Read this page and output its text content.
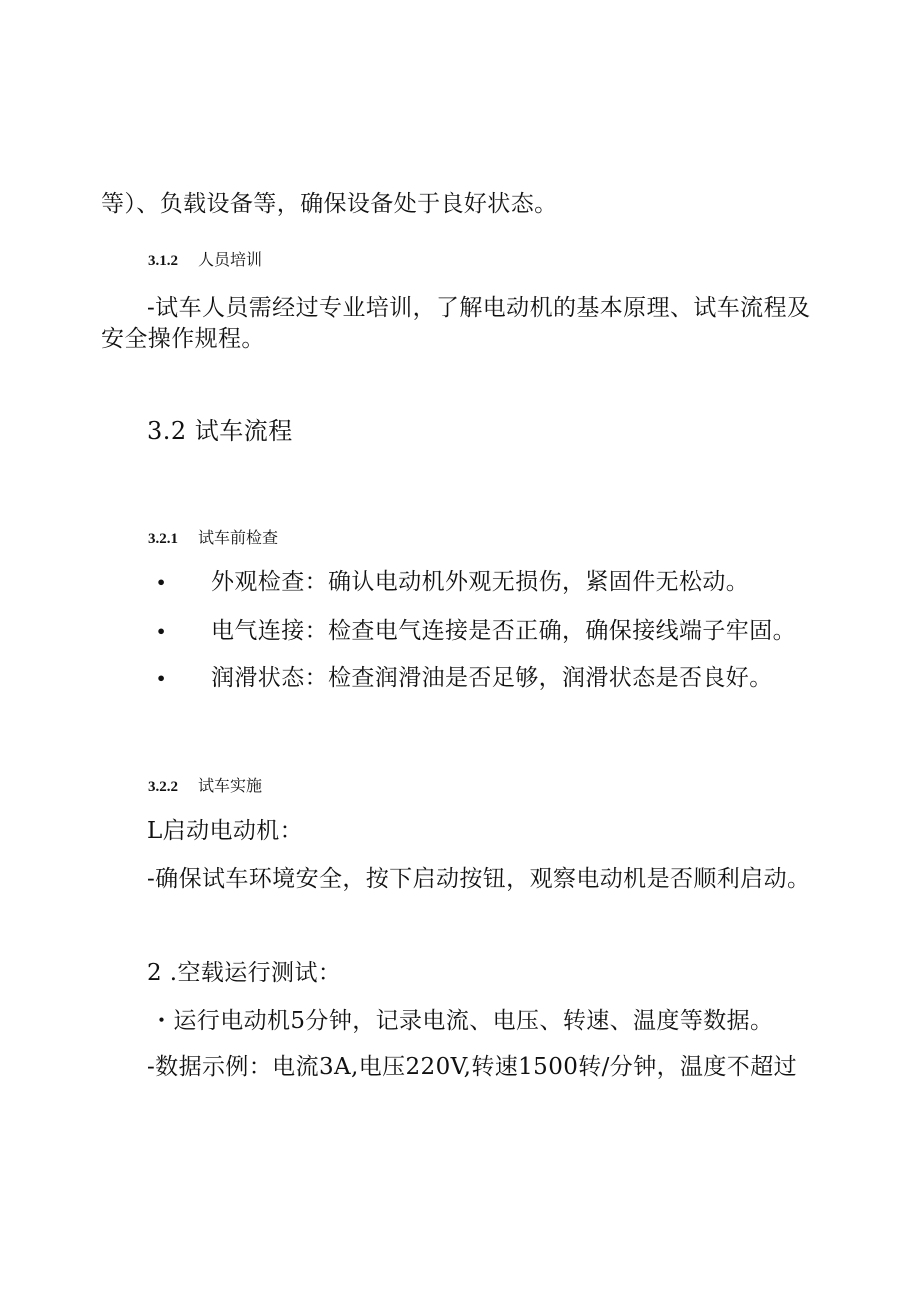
等）、负载设备等，确保设备处于良好状态。
3.1.2 人员培训
-试车人员需经过专业培训，了解电动机的基本原理、试车流程及
安全操作规程。
3.2 试车流程
3.2.1 试车前检查
• 外观检查：确认电动机外观无损伤，紧固件无松动。
• 电气连接：检查电气连接是否正确，确保接线端子牢固。
• 润滑状态：检查润滑油是否足够，润滑状态是否良好。
3.2.2 试车实施
L启动电动机：
-确保试车环境安全，按下启动按钮，观察电动机是否顺利启动。
2 .空载运行测试：
・运行电动机5分钟，记录电流、电压、转速、温度等数据。
-数据示例：电流3A,电压220V,转速1500转/分钟，温度不超过
